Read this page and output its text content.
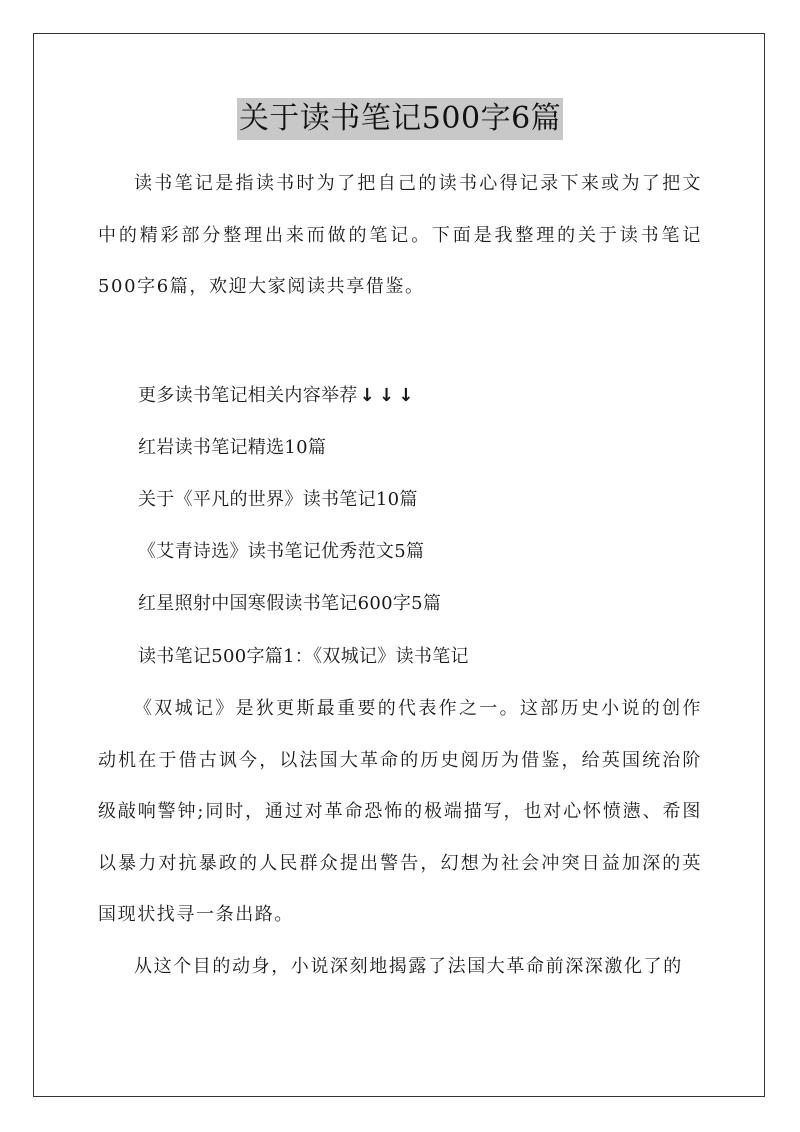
关于读书笔记500字6篇

读书笔记是指读书时为了把自己的读书心得记录下来或为了把文中的精彩部分整理出来而做的笔记。下面是我整理的关于读书笔记500字6篇，欢迎大家阅读共享借鉴。

更多读书笔记相关内容举荐 ↓ ↓ ↓

红岩读书笔记精选10篇

关于《平凡的世界》读书笔记10篇

《艾青诗选》读书笔记优秀范文5篇

红星照射中国寒假读书笔记600字5篇

读书笔记500字篇1：《双城记》读书笔记

《双城记》是狄更斯最重要的代表作之一。这部历史小说的创作动机在于借古讽今，以法国大革命的历史阅历为借鉴，给英国统治阶级敲响警钟;同时，通过对革命恐怖的极端描写，也对心怀愤懑、希图以暴力对抗暴政的人民群众提出警告，幻想为社会冲突日益加深的英国现状找寻一条出路。

从这个目的动身，小说深刻地揭露了法国大革命前深深激化了的
